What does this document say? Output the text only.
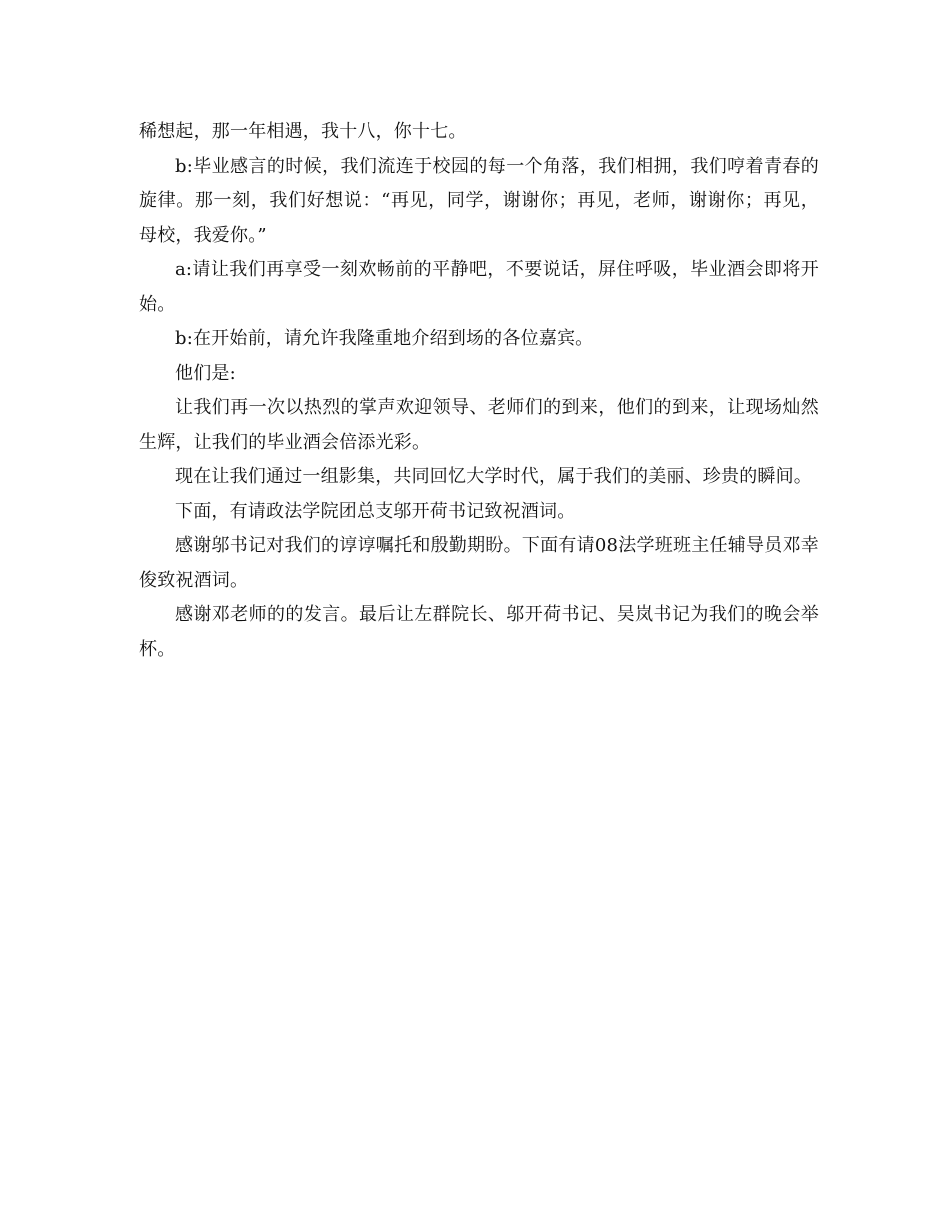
稀想起，那一年相遇，我十八，你十七。

b:毕业感言的时候，我们流连于校园的每一个角落，我们相拥，我们哼着青春的旋律。那一刻，我们好想说：“再见，同学，谢谢你；再见，老师，谢谢你；再见，母校，我爱你。”

a:请让我们再享受一刻欢畅前的平静吧，不要说话，屏住呼吸，毕业酒会即将开始。

b:在开始前，请允许我隆重地介绍到场的各位嘉宾。

他们是:

让我们再一次以热烈的掌声欢迎领导、老师们的到来，他们的到来，让现场灿然生辉，让我们的毕业酒会倍添光彩。

现在让我们通过一组影集，共同回忆大学时代，属于我们的美丽、珍贵的瞬间。

下面，有请政法学院团总支邬开荷书记致祝酒词。

感谢邬书记对我们的谆谆嘱托和殷勤期盼。下面有请08法学班班主任辅导员邓幸俊致祝酒词。

感谢邓老师的的发言。最后让左群院长、邬开荷书记、吴岚书记为我们的晚会举杯。
